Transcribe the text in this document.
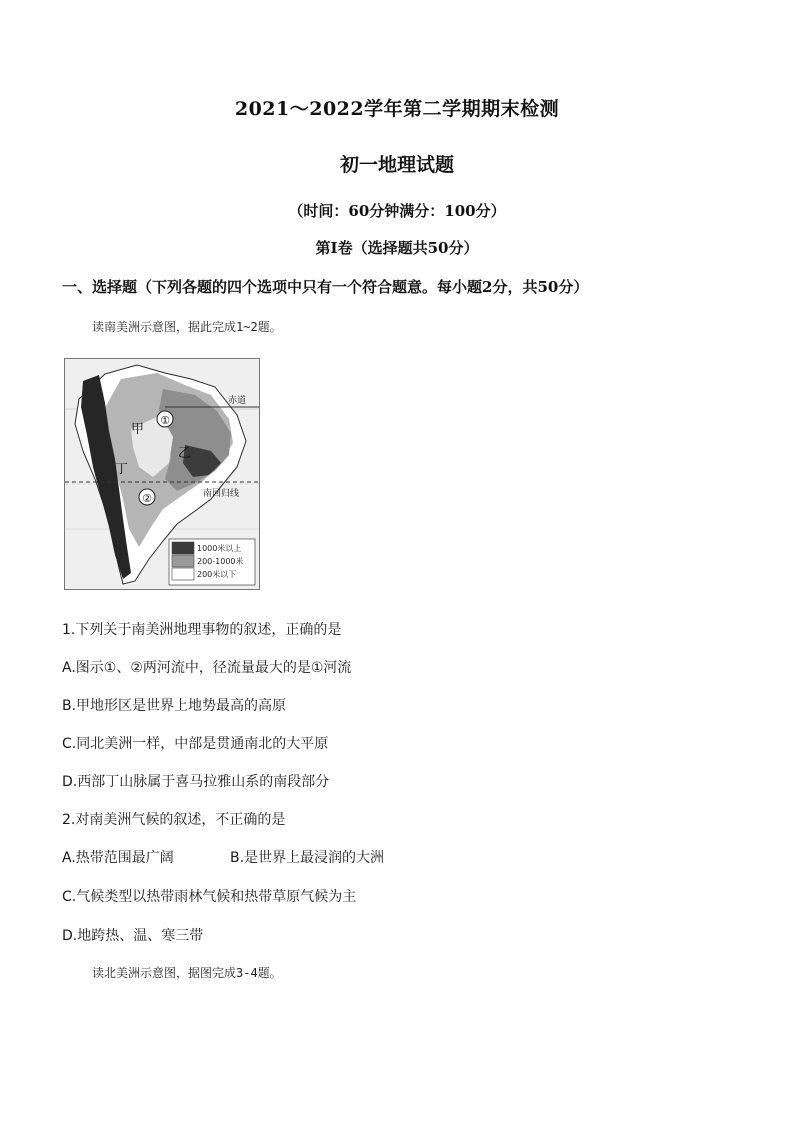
2021～2022学年第二学期期末检测
初一地理试题
（时间：60分钟满分：100分）
第Ⅰ卷（选择题共50分）
一、选择题（下列各题的四个选项中只有一个符合题意。每小题2分，共50分）
读南美洲示意图，据此完成1~2题。
赤道
南回归线
①
②
甲
乙
丁
1000米以上
200-1000米
200米以下
1.下列关于南美洲地理事物的叙述，正确的是
A.图示①、②两河流中，径流量最大的是①河流
B.甲地形区是世界上地势最高的高原
C.同北美洲一样，中部是贯通南北的大平原
D.西部丁山脉属于喜马拉雅山系的南段部分
2.对南美洲气候的叙述，不正确的是
A.热带范围最广阔	B.是世界上最浸润的大洲
C.气候类型以热带雨林气候和热带草原气候为主
D.地跨热、温、寒三带
读北美洲示意图，据图完成3-4题。
